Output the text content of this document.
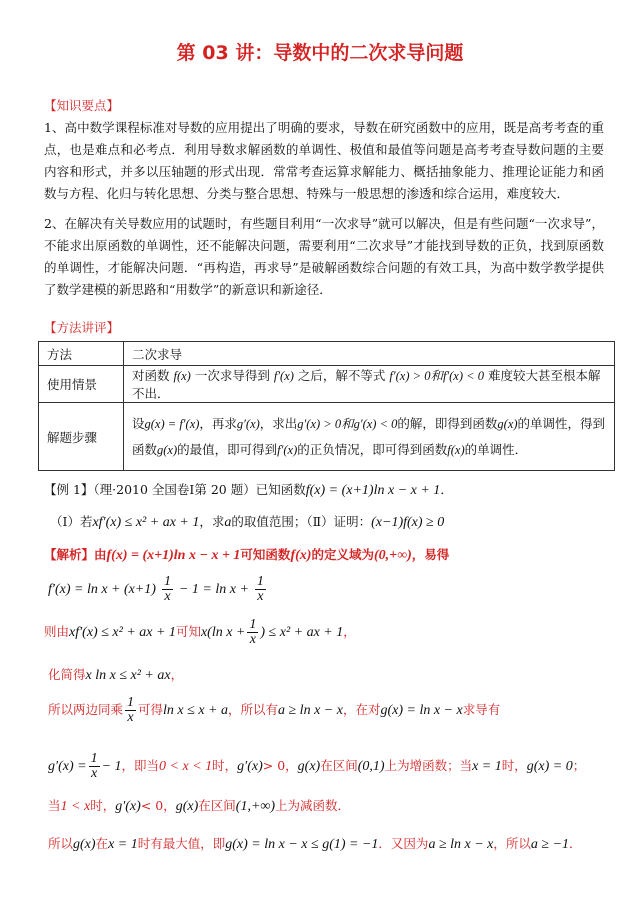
第 03 讲：导数中的二次求导问题
【知识要点】
1、高中数学课程标准对导数的应用提出了明确的要求，导数在研究函数中的应用，既是高考考查的重点，也是难点和必考点．利用导数求解函数的单调性、极值和最值等问题是高考考查导数问题的主要内容和形式，并多以压轴题的形式出现．常常考查运算求解能力、概括抽象能力、推理论证能力和函数与方程、化归与转化思想、分类与整合思想、特殊与一般思想的渗透和综合运用，难度较大．
2、在解决有关导数应用的试题时，有些题目利用“一次求导”就可以解决，但是有些问题“一次求导”，不能求出原函数的单调性，还不能解决问题，需要利用“二次求导”才能找到导数的正负，找到原函数的单调性，才能解决问题．“再构造，再求导”是破解函数综合问题的有效工具，为高中数学教学提供了数学建模的新思路和“用数学”的新意识和新途径．
【方法讲评】
方法	二次求导
使用情景	对函数 f(x) 一次求导得到 f′(x) 之后，解不等式 f′(x) > 0和f′(x) < 0 难度较大甚至根本解不出．
解题步骤	设g(x) = f′(x)，再求g′(x)，求出g′(x) > 0和g′(x) < 0的解，即得到函数g(x)的单调性，得到函数g(x)的最值，即可得到f′(x)的正负情况，即可得到函数f(x)的单调性．
【例 1】（理·2010 全国卷Ⅰ第 20 题）已知函数f(x) = (x+1)ln x − x + 1．
（Ⅰ）若xf′(x) ≤ x² + ax + 1，求a的取值范围；（Ⅱ）证明：(x−1)f(x) ≥ 0
【解析】由f(x) = (x+1)ln x − x + 1可知函数f(x)的定义域为(0,+∞)，易得
$f'(x) = \ln x + (x+1) \frac{1}{x} - 1 = \ln x + \frac{1}{x}$
则由xf′(x) ≤ x² + ax + 1可知x(ln $x + \frac{1}{x}$ ) ≤ x² + ax + 1，
化简得x ln x ≤ x² + ax，
所以两边同乘 $\frac{1}{x}$ 可得ln x ≤ x + a，所以有a ≥ ln x − x，在对g(x) = ln x − x求导有
$g'(x) = \frac{1}{x} - 1$，即当0 < x < 1时，g′(x)> 0，g(x)在区间(0,1)上为增函数；当x = 1时，g(x) = 0；
当1 < x时，g′(x)< 0，g(x)在区间(1,+∞)上为减函数．
所以g(x)在x = 1时有最大值，即g(x) = ln x − x ≤ g(1) = −1．又因为a ≥ ln x − x，所以a ≥ −1．
